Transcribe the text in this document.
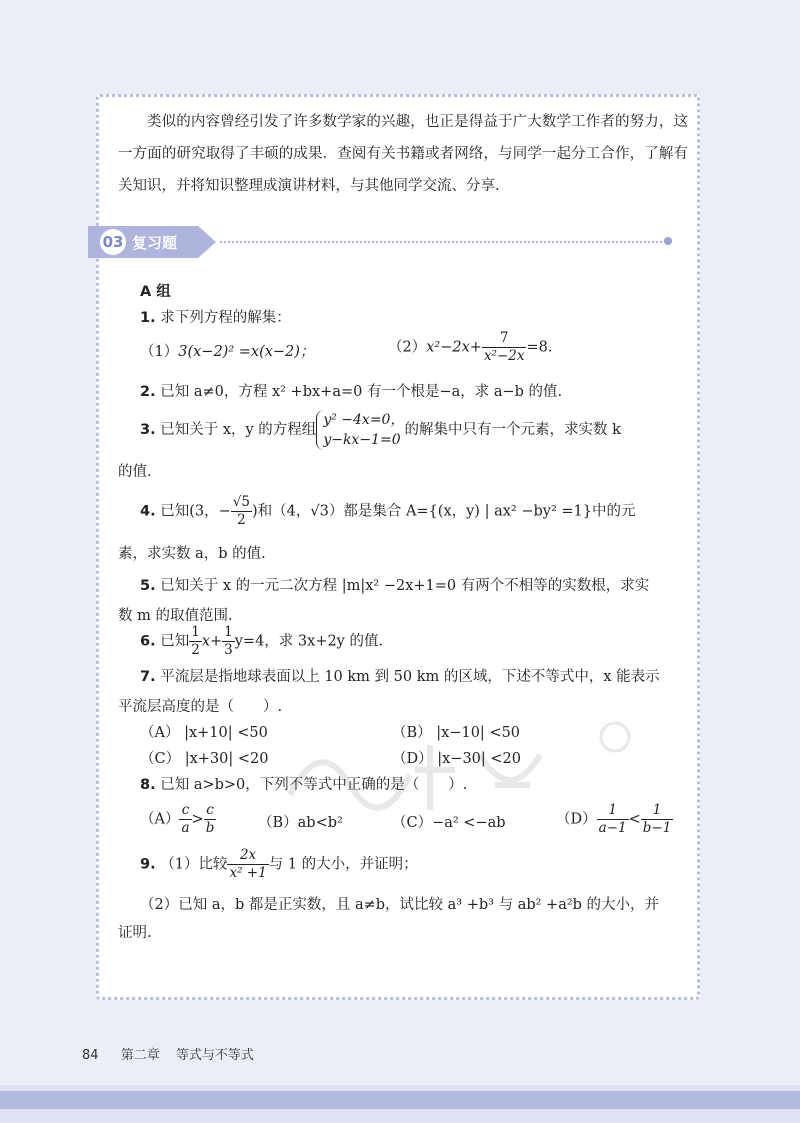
类似的内容曾经引发了许多数学家的兴趣，也正是得益于广大数学工作者的努力，这一方面的研究取得了丰硕的成果．查阅有关书籍或者网络，与同学一起分工合作，了解有关知识，并将知识整理成演讲材料，与其他同学交流、分享.
03 复习题
A 组
1. 求下列方程的解集：
（1）3(x−2)² =x(x−2)；	$(2)x^2-2x+ \frac{7}{\text{x²−2x}} =8$.
2. 已知 a≠0，方程 x² +bx+a=0 有一个根是−a，求 a−b 的值.
3. 已知关于 x，y 的方程组
y² −4x=0，
y−kx−1=0
的解集中只有一个元素，求实数 k
的值.
4. 已知(3，− $\frac{√5}{2}$ )和（4，√3）都是集合 A={(x，y) | ax² −by² =1}中的元
素，求实数 a，b 的值.
5. 已知关于 x 的一元二次方程 |m|x² −2x+1=0 有两个不相等的实数根，求实
数 m 的取值范围.
6. 已知 $\frac{1}{2} x+ \frac{1}{3} y=4$，求 3x+2y 的值.
7. 平流层是指地球表面以上 10 km 到 50 km 的区域，下述不等式中，x 能表示
平流层高度的是（　　）.
（A） |x+10| <50	（B） |x−10| <50
（C） |x+30| <20	（D） |x−30| <20
8. 已知 a>b>0，下列不等式中正确的是（　　）.
$(A) \frac{c}{a} > \frac{c}{b}$	（B）ab<b²	（C）−a² <−ab	$(D) \frac{1}{a-1} < \frac{1}{b-1}$
9. （1）比较 $\frac{2x}{\text{x² +1}}$ 与 1 的大小，并证明；
（2）已知 a，b 都是正实数，且 a≠b，试比较 a³ +b³ 与 ab² +a²b 的大小，并
证明.
84 第二章 等式与不等式
